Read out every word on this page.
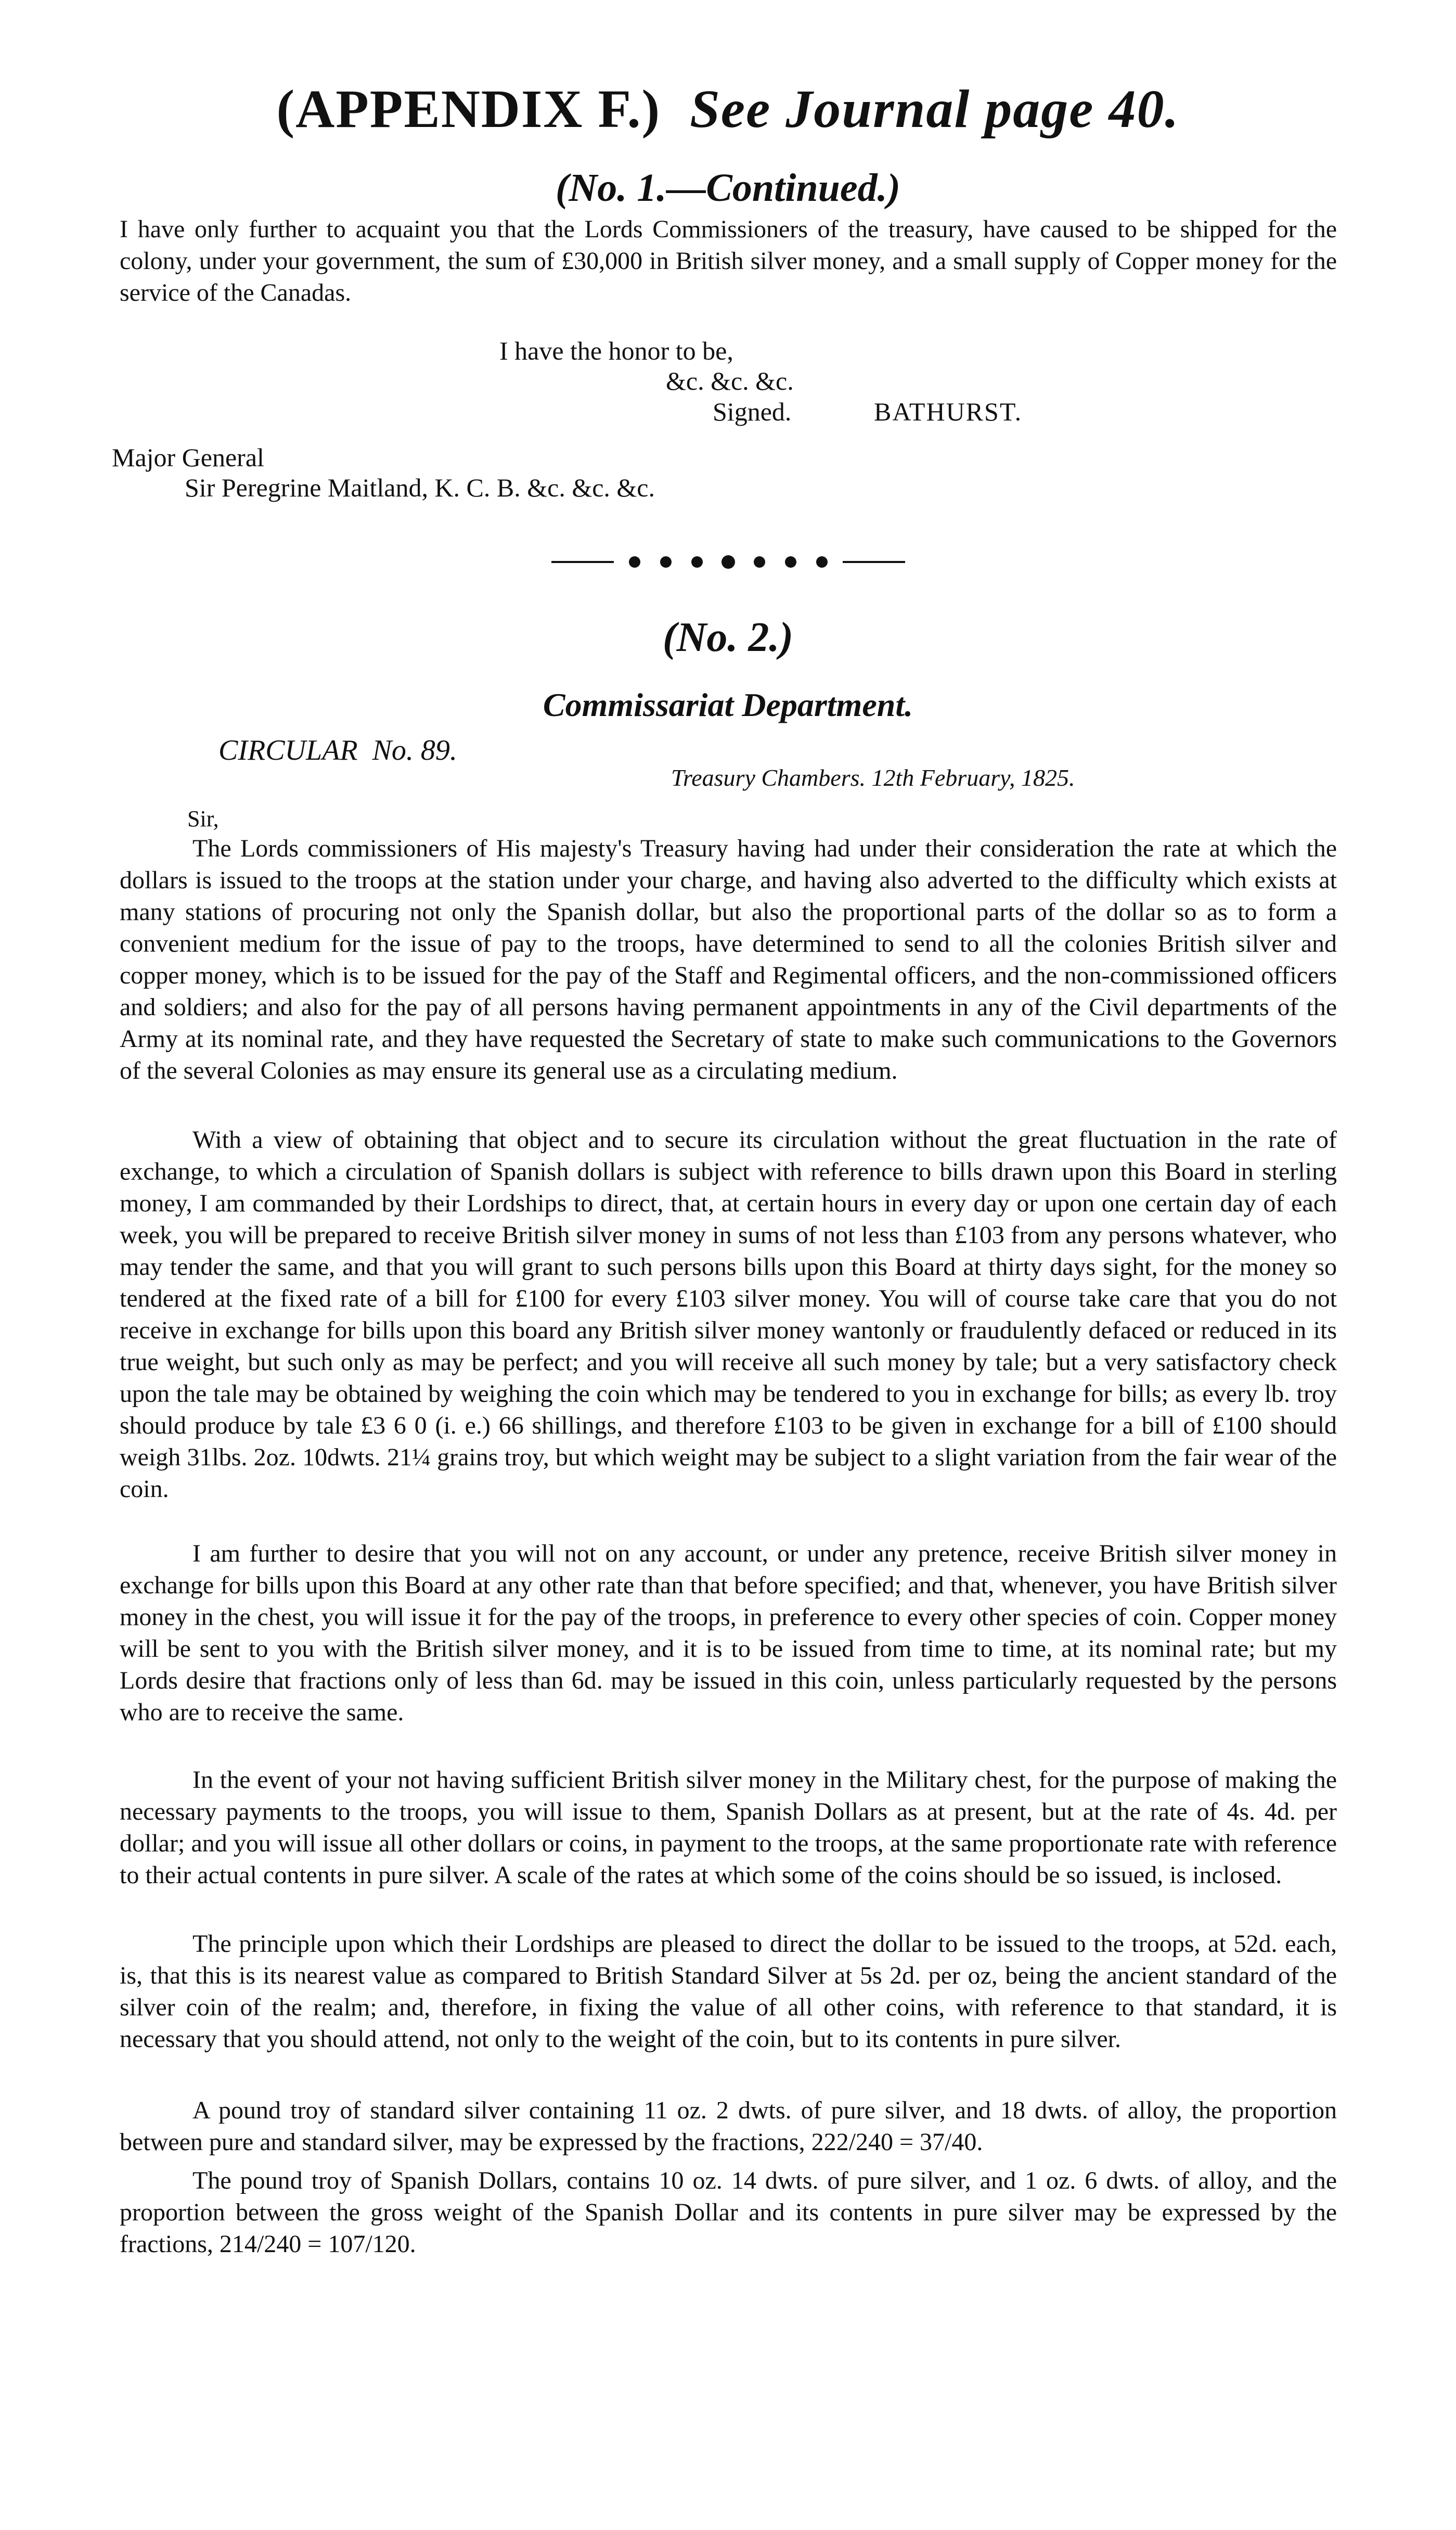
(APPENDIX F.) See Journal page 40.
(No. 1.—Continued.)

I have only further to acquaint you that the Lords Commissioners of the treasury, have caused to be shipped for the colony, under your government, the sum of £30,000 in British silver money, and a small supply of Copper money for the service of the Canadas.

I have the honor to be,
&c. &c. &c.
Signed.	BATHURST.
Major General
Sir Peregrine Maitland, K. C. B. &c. &c. &c.
(No. 2.)
Commissariat Department.
CIRCULAR No. 89.
Treasury Chambers. 12th February, 1825.
Sir,

The Lords commissioners of His majesty's Treasury having had under their consideration the rate at which the dollars is issued to the troops at the station under your charge, and having also adverted to the difficulty which exists at many stations of procuring not only the Spanish dollar, but also the proportional parts of the dollar so as to form a convenient medium for the issue of pay to the troops, have determined to send to all the colonies British silver and copper money, which is to be issued for the pay of the Staff and Regimental officers, and the non-commissioned officers and soldiers; and also for the pay of all persons having permanent appointments in any of the Civil departments of the Army at its nominal rate, and they have requested the Secretary of state to make such communications to the Governors of the several Colonies as may ensure its general use as a circulating medium.

With a view of obtaining that object and to secure its circulation without the great fluctuation in the rate of exchange, to which a circulation of Spanish dollars is subject with reference to bills drawn upon this Board in sterling money, I am commanded by their Lordships to direct, that, at certain hours in every day or upon one certain day of each week, you will be prepared to receive British silver money in sums of not less than £103 from any persons whatever, who may tender the same, and that you will grant to such persons bills upon this Board at thirty days sight, for the money so tendered at the fixed rate of a bill for £100 for every £103 silver money. You will of course take care that you do not receive in exchange for bills upon this board any British silver money wantonly or fraudulently defaced or reduced in its true weight, but such only as may be perfect; and you will receive all such money by tale; but a very satisfactory check upon the tale may be obtained by weighing the coin which may be tendered to you in exchange for bills; as every lb. troy should produce by tale £3 6 0 (i. e.) 66 shillings, and therefore £103 to be given in exchange for a bill of £100 should weigh 31lbs. 2oz. 10dwts. 21¼ grains troy, but which weight may be subject to a slight variation from the fair wear of the coin.

I am further to desire that you will not on any account, or under any pretence, receive British silver money in exchange for bills upon this Board at any other rate than that before specified; and that, whenever, you have British silver money in the chest, you will issue it for the pay of the troops, in preference to every other species of coin. Copper money will be sent to you with the British silver money, and it is to be issued from time to time, at its nominal rate; but my Lords desire that fractions only of less than 6d. may be issued in this coin, unless particularly requested by the persons who are to receive the same.

In the event of your not having sufficient British silver money in the Military chest, for the purpose of making the necessary payments to the troops, you will issue to them, Spanish Dollars as at present, but at the rate of 4s. 4d. per dollar; and you will issue all other dollars or coins, in payment to the troops, at the same proportionate rate with reference to their actual contents in pure silver. A scale of the rates at which some of the coins should be so issued, is inclosed.

The principle upon which their Lordships are pleased to direct the dollar to be issued to the troops, at 52d. each, is, that this is its nearest value as compared to British Standard Silver at 5s 2d. per oz, being the ancient standard of the silver coin of the realm; and, therefore, in fixing the value of all other coins, with reference to that standard, it is necessary that you should attend, not only to the weight of the coin, but to its contents in pure silver.

A pound troy of standard silver containing 11 oz. 2 dwts. of pure silver, and 18 dwts. of alloy, the proportion between pure and standard silver, may be expressed by the fractions, 222/240 = 37/40.

The pound troy of Spanish Dollars, contains 10 oz. 14 dwts. of pure silver, and 1 oz. 6 dwts. of alloy, and the proportion between the gross weight of the Spanish Dollar and its contents in pure silver may be expressed by the fractions, 214/240 = 107/120.
